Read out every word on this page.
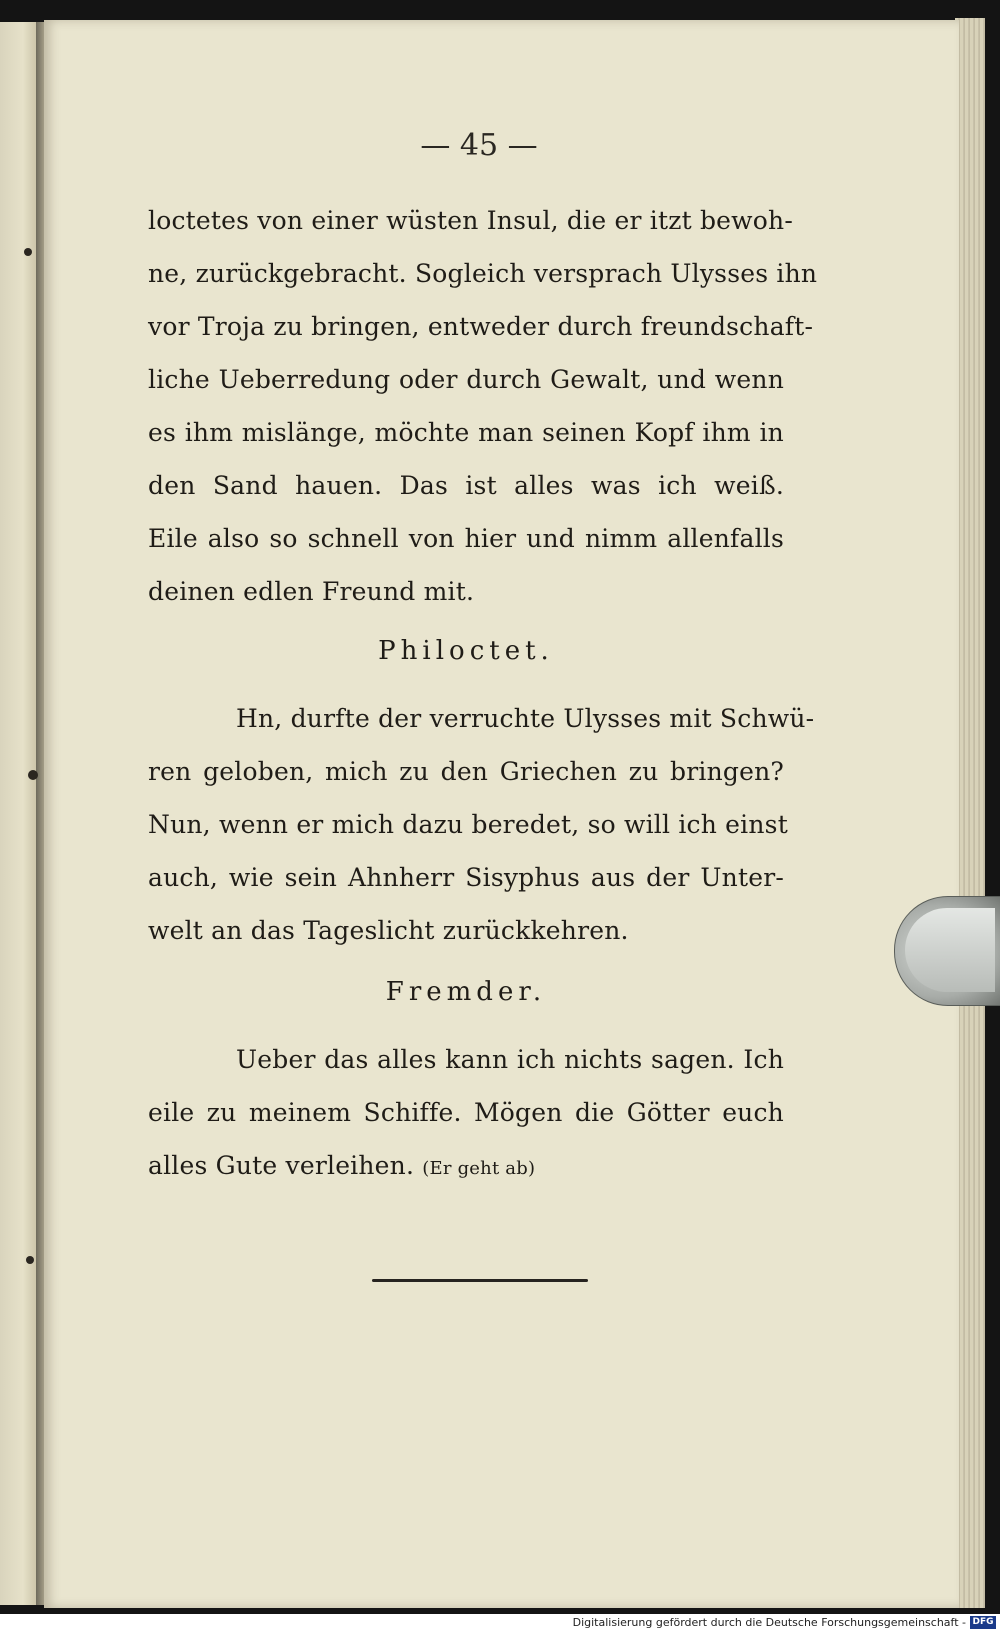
— 45 —
loctetes von einer wüsten Insul, die er itzt bewoh-
ne, zurückgebracht. Sogleich versprach Ulysses ihn
vor Troja zu bringen, entweder durch freundschaft-
liche Ueberredung oder durch Gewalt, und wenn
es ihm mislänge, möchte man seinen Kopf ihm in
den Sand hauen. Das ist alles was ich weiß.
Eile also so schnell von hier und nimm allenfalls
deinen edlen Freund mit.
Philoctet.
Hn, durfte der verruchte Ulysses mit Schwü-
ren geloben, mich zu den Griechen zu bringen?
Nun, wenn er mich dazu beredet, so will ich einst
auch, wie sein Ahnherr Sisyphus aus der Unter-
welt an das Tageslicht zurückkehren.
Fremder.
Ueber das alles kann ich nichts sagen. Ich
eile zu meinem Schiffe. Mögen die Götter euch
alles Gute verleihen. (Er geht ab)
Digitalisierung gefördert durch die Deutsche Forschungsgemeinschaft - DFG
